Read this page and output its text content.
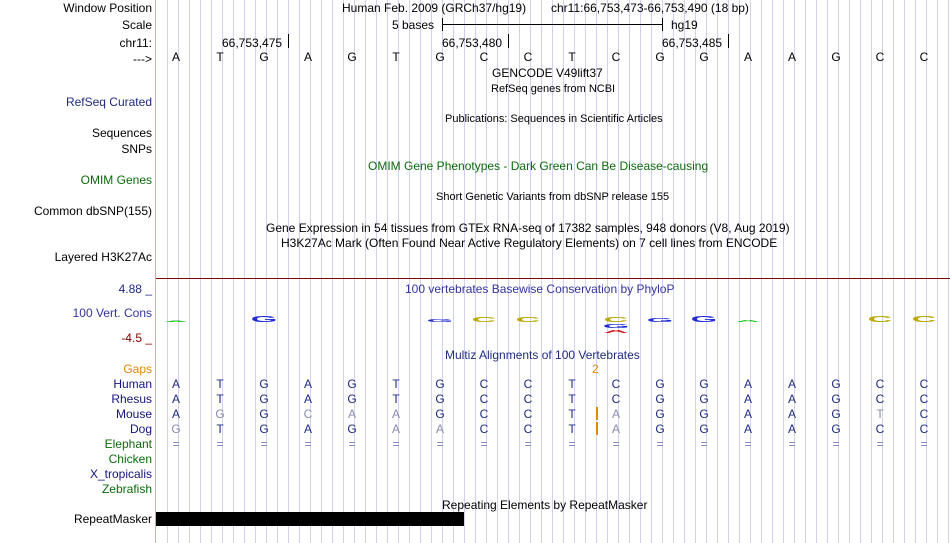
Window Position	Human Feb. 2009 (GRCh37/hg19) chr11:66,753,473-66,753,490 (18 bp)
Scale	5 bases	hg19
chr11:	66,753,475	66,753,480	66,753,485
--->	A	T	G	A	G	T	G	C	C	T	C	G	G	A	A	G	C	C
GENCODE V49lift37
RefSeq genes from NCBI
RefSeq Curated
Publications: Sequences in Scientific Articles
Sequences
SNPs
OMIM Gene Phenotypes - Dark Green Can Be Disease-causing
OMIM Genes
Short Genetic Variants from dbSNP release 155
Common dbSNP(155)
Gene Expression in 54 tissues from GTEx RNA-seq of 17382 samples, 948 donors (V8, Aug 2019)
H3K27Ac Mark (Often Found Near Active Regulatory Elements) on 7 cell lines from ENCODE
Layered H3K27Ac
4.88 _	100 vertebrates Basewise Conservation by PhyloP
100 Vert. Cons
-4.5 _
A	G	G C C	C G G A	C C
G
A
Multiz Alignments of 100 Vertebrates
Gaps	2
Human	A	T	G	A	G	T	G	C	C	T	C	G	G	A	A	G	C	C
Rhesus	A	T	G	A	G	T	G	C	C	T	C	G	G	A	A	G	C	C
Mouse	A	G	G	C	A	A	G	C	C	T	A	G	G	A	A	G	T	C
Dog	G	T	G	A	G	A	A	C	C	T	A	G	G	A	A	G	C	C
Elephant	=	=	=	=	=	=	=	=	=	=	=	=	=	=	=	=	=	=
Chicken
X_tropicalis
Zebrafish
Repeating Elements by RepeatMasker
RepeatMasker
